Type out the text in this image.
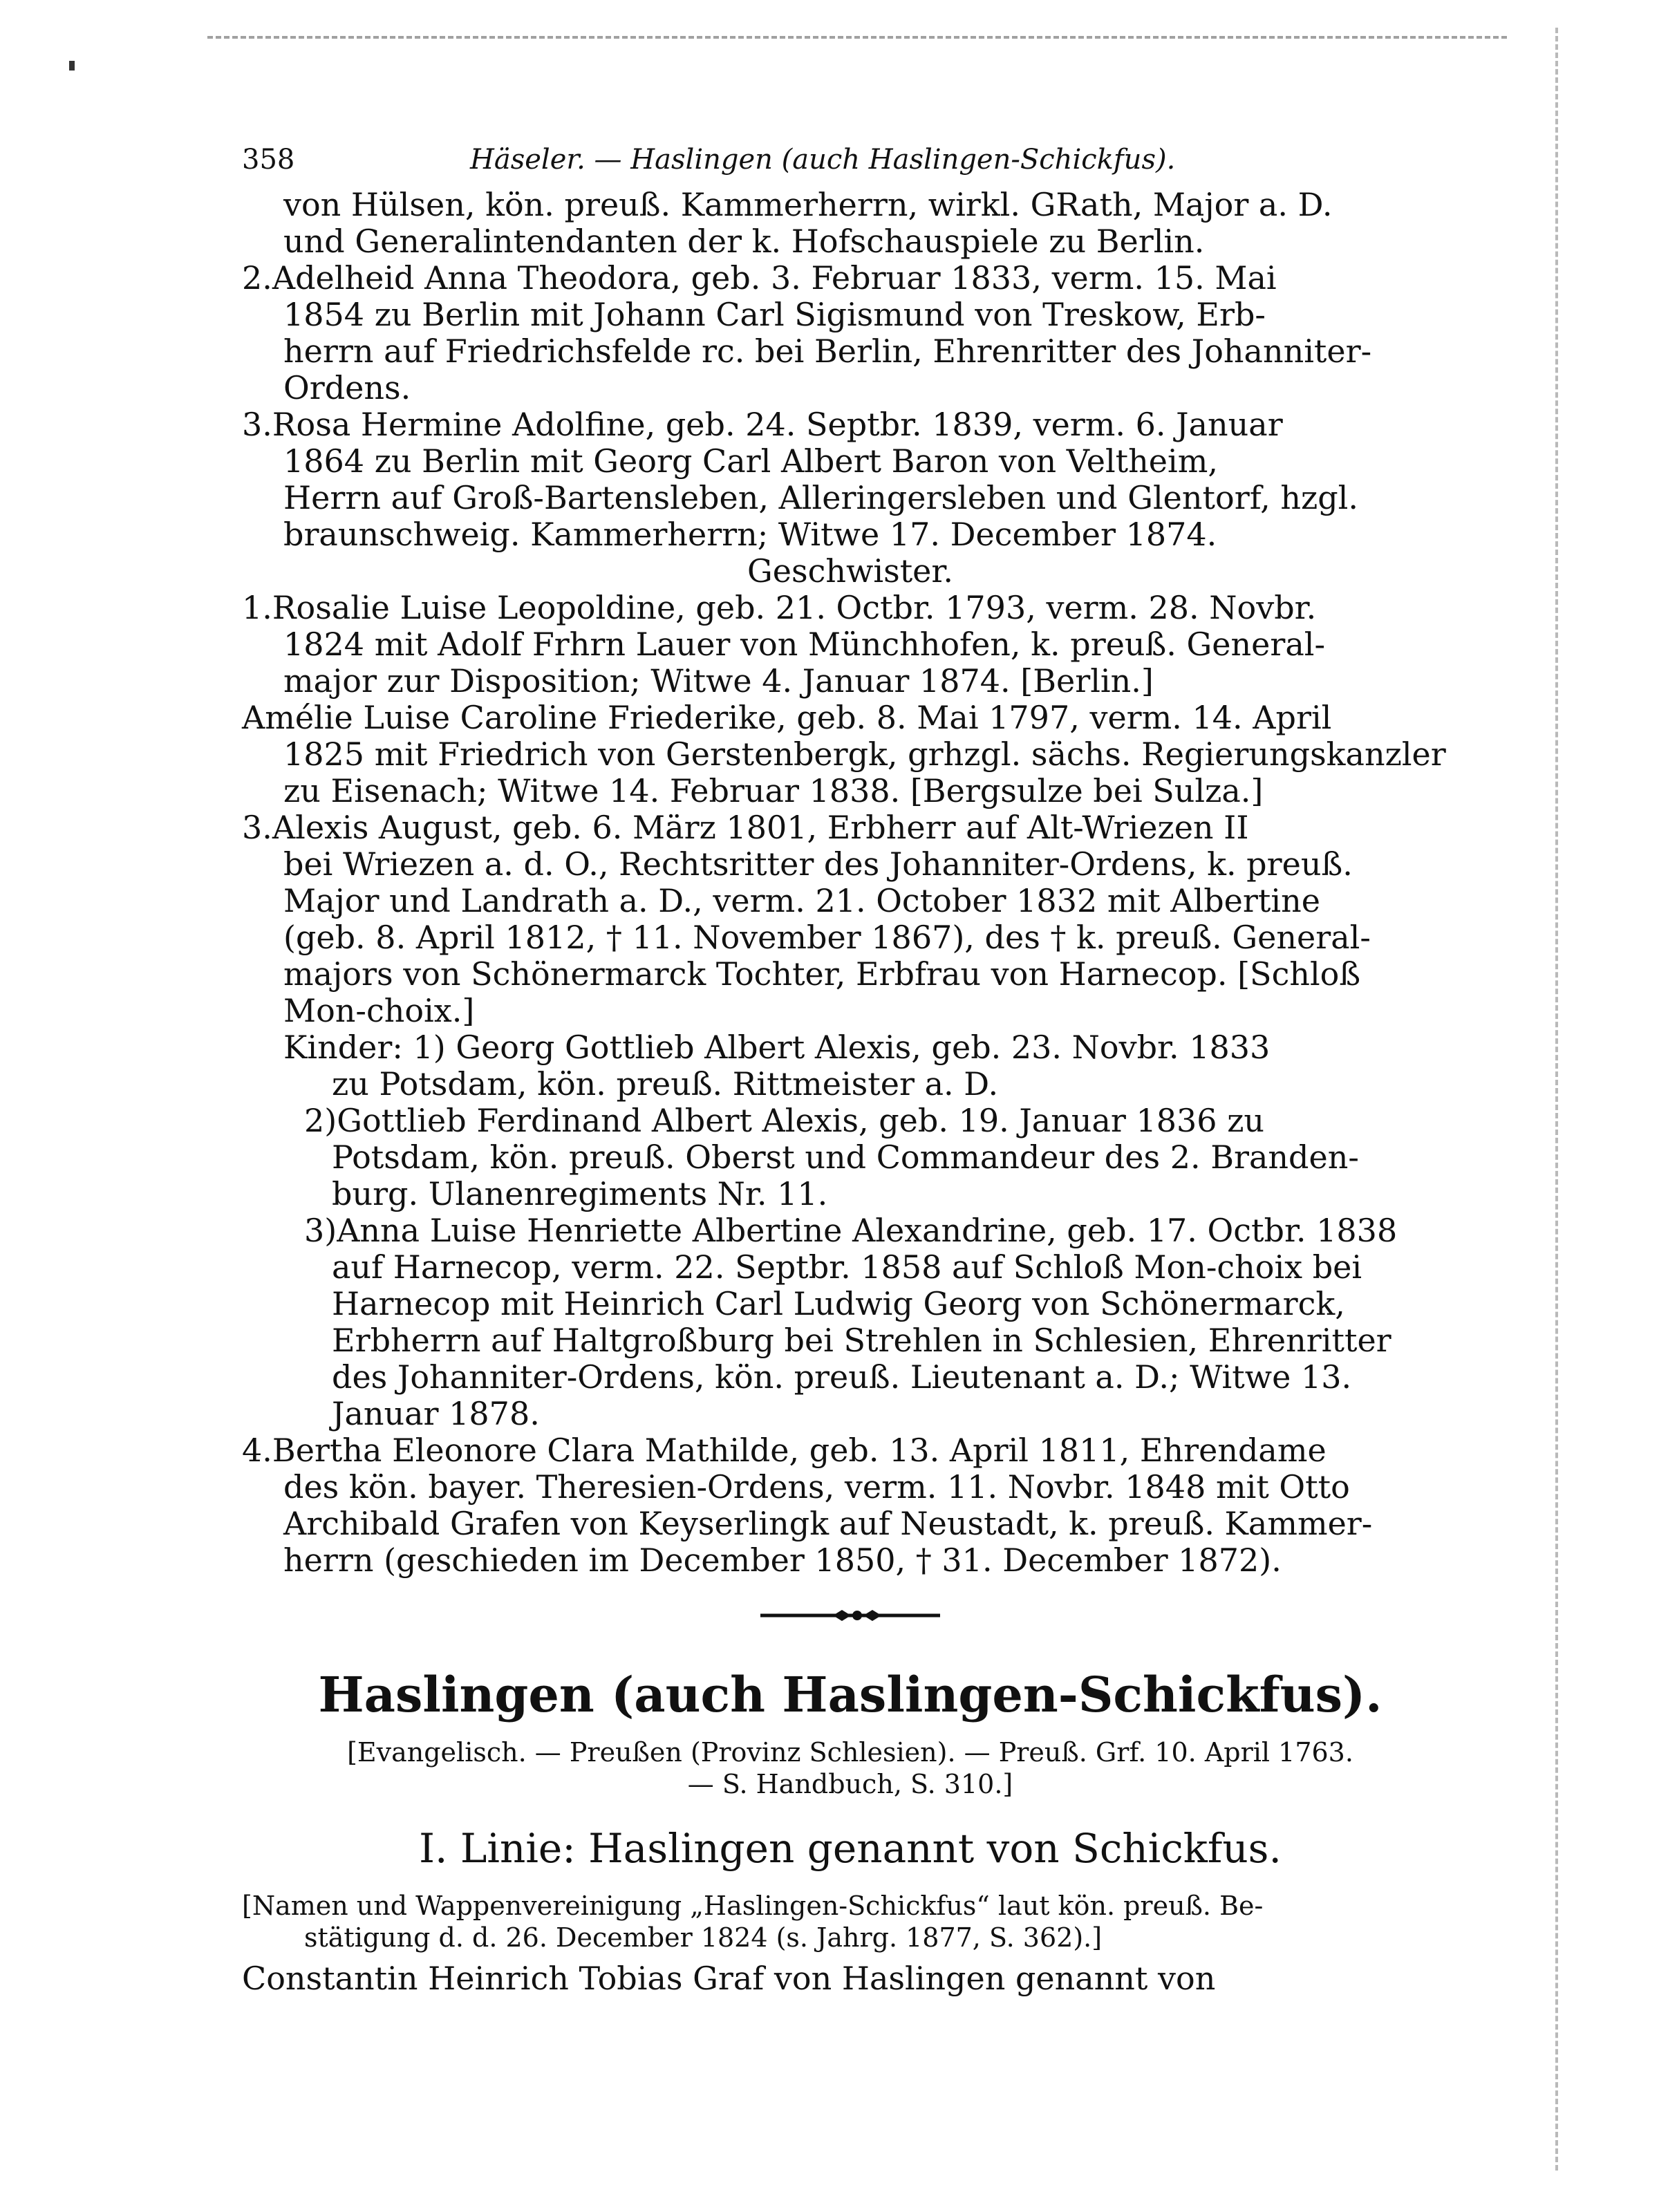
358	Häseler. — Haslingen (auch Haslingen-Schickfus).
von Hülsen, kön. preuß. Kammerherrn, wirkl. GRath, Major a. D.
und Generalintendanten der k. Hofschauspiele zu Berlin.
2.Adelheid Anna Theodora, geb. 3. Februar 1833, verm. 15. Mai
1854 zu Berlin mit Johann Carl Sigismund von Treskow, Erb-
herrn auf Friedrichsfelde rc. bei Berlin, Ehrenritter des Johanniter-
Ordens.
3.Rosa Hermine Adolfine, geb. 24. Septbr. 1839, verm. 6. Januar
1864 zu Berlin mit Georg Carl Albert Baron von Veltheim,
Herrn auf Groß-Bartensleben, Alleringersleben und Glentorf, hzgl.
braunschweig. Kammerherrn; Witwe 17. December 1874.
Geschwister.
1.Rosalie Luise Leopoldine, geb. 21. Octbr. 1793, verm. 28. Novbr.
1824 mit Adolf Frhrn Lauer von Münchhofen, k. preuß. General-
major zur Disposition; Witwe 4. Januar 1874. [Berlin.]
Amélie Luise Caroline Friederike, geb. 8. Mai 1797, verm. 14. April
1825 mit Friedrich von Gerstenbergk, grhzgl. sächs. Regierungskanzler
zu Eisenach; Witwe 14. Februar 1838. [Bergsulze bei Sulza.]
3.Alexis August, geb. 6. März 1801, Erbherr auf Alt-Wriezen II
bei Wriezen a. d. O., Rechtsritter des Johanniter-Ordens, k. preuß.
Major und Landrath a. D., verm. 21. October 1832 mit Albertine
(geb. 8. April 1812, † 11. November 1867), des † k. preuß. General-
majors von Schönermarck Tochter, Erbfrau von Harnecop. [Schloß
Mon-choix.]
Kinder: 1) Georg Gottlieb Albert Alexis, geb. 23. Novbr. 1833
zu Potsdam, kön. preuß. Rittmeister a. D.
2)Gottlieb Ferdinand Albert Alexis, geb. 19. Januar 1836 zu
Potsdam, kön. preuß. Oberst und Commandeur des 2. Branden-
burg. Ulanenregiments Nr. 11.
3)Anna Luise Henriette Albertine Alexandrine, geb. 17. Octbr. 1838
auf Harnecop, verm. 22. Septbr. 1858 auf Schloß Mon-choix bei
Harnecop mit Heinrich Carl Ludwig Georg von Schönermarck,
Erbherrn auf Haltgroßburg bei Strehlen in Schlesien, Ehrenritter
des Johanniter-Ordens, kön. preuß. Lieutenant a. D.; Witwe 13.
Januar 1878.
4.Bertha Eleonore Clara Mathilde, geb. 13. April 1811, Ehrendame
des kön. bayer. Theresien-Ordens, verm. 11. Novbr. 1848 mit Otto
Archibald Grafen von Keyserlingk auf Neustadt, k. preuß. Kammer-
herrn (geschieden im December 1850, † 31. December 1872).
Haslingen (auch Haslingen-Schickfus).
[Evangelisch. — Preußen (Provinz Schlesien). — Preuß. Grf. 10. April 1763.
— S. Handbuch, S. 310.]
I. Linie: Haslingen genannt von Schickfus.
[Namen und Wappenvereinigung „Haslingen-Schickfus“ laut kön. preuß. Be-
stätigung d. d. 26. December 1824 (s. Jahrg. 1877, S. 362).]
Constantin Heinrich Tobias Graf von Haslingen genannt von
